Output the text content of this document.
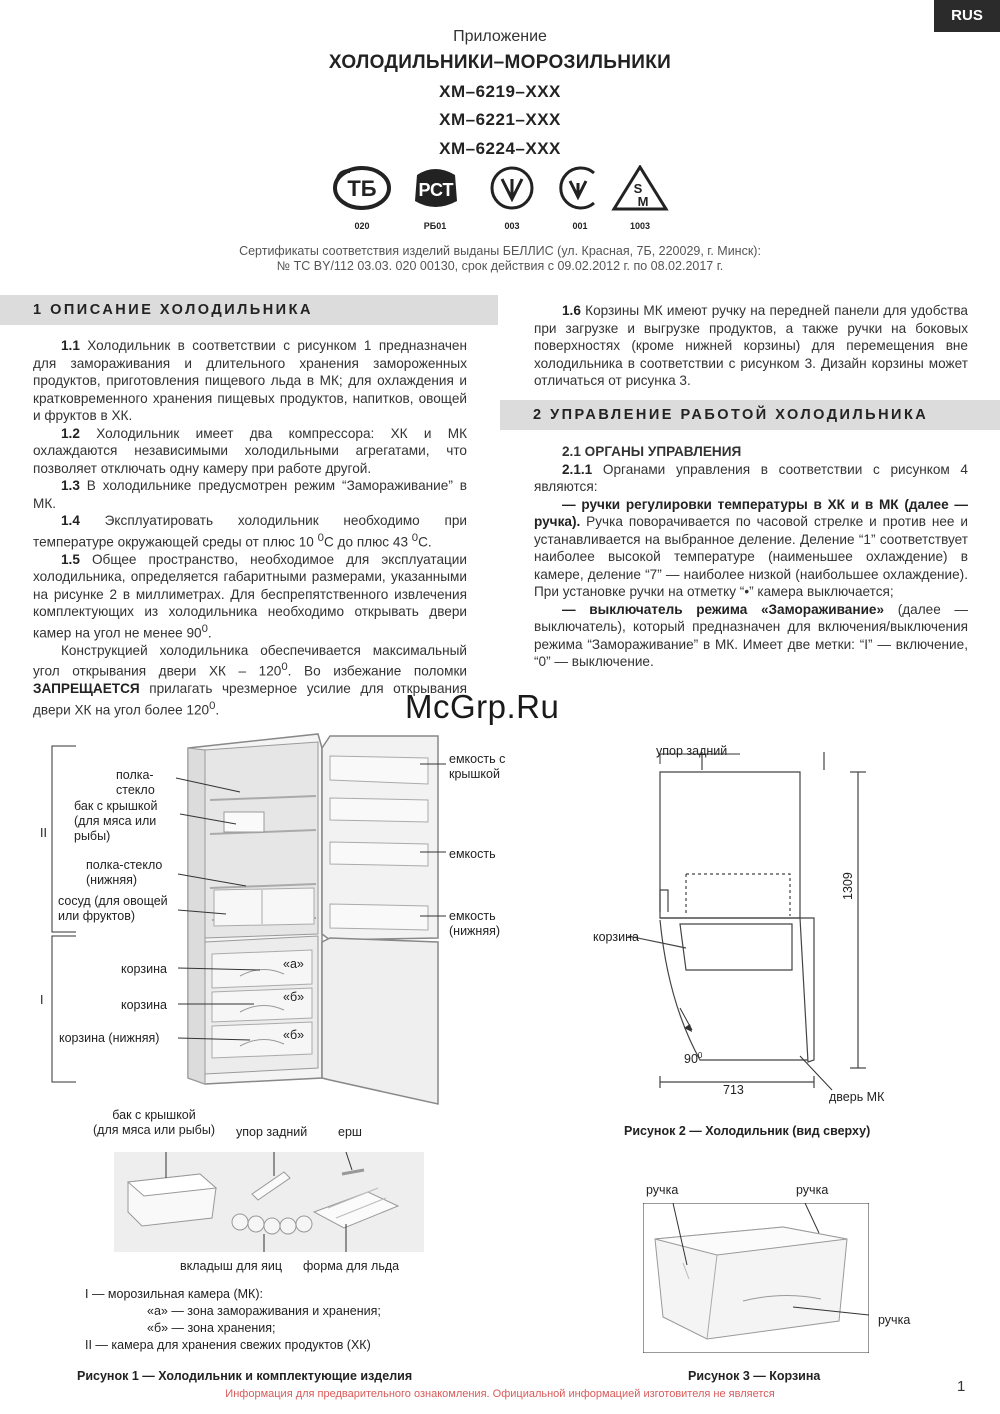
RUS
Приложение
ХОЛОДИЛЬНИКИ–МОРОЗИЛЬНИКИ
ХМ–6219–ХХХ
ХМ–6221–ХХХ
ХМ–6224–ХХХ
ТБ
020
РСТ
РБ01	003	001
S
M
1003
Сертификаты соответствия изделий выданы БЕЛЛИС (ул. Красная, 7Б, 220029, г. Минск):
№ ТС BY/112 03.03. 020 00130, срок действия с 09.02.2012 г. по 08.02.2017 г.
1 ОПИСАНИЕ ХОЛОДИЛЬНИКА

1.1 Холодильник в соответствии с рисунком 1 предназначен для замораживания и длительного хранения замороженных продуктов, приготовления пищевого льда в МК; для охлаждения и кратковременного хранения пищевых продуктов, напитков, овощей и фруктов в ХК.

1.2 Холодильник имеет два компрессора: ХК и МК охлаждаются независимыми холодильными агрегатами, что позволяет отключать одну камеру при работе другой.

1.3 В холодильнике предусмотрен режим “Замораживание” в МК.

1.4 Эксплуатировать холодильник необходимо при температуре окружающей среды от плюс 10 $^0$С до плюс 43 $^0$С.

1.5 Общее пространство, необходимое для эксплуатации холодильника, определяется габаритными размерами, указанными на рисунке 2 в миллиметрах. Для беспрепятственного извлечения комплектующих из холодильника необходимо открывать двери камер на угол не менее $90^0$.

Конструкцией холодильника обеспечивается максимальный угол открывания двери ХК – $120^0$. Во избежание поломки ЗАПРЕЩАЕТСЯ прилагать чрезмерное усилие для открывания двери ХК на угол более $120^0$.

1.6 Корзины МК имеют ручку на передней панели для удобства при загрузке и выгрузке продуктов, а также ручки на боковых поверхностях (кроме нижней корзины) для перемещения вне холодильника в соответствии с рисунком 3. Дизайн корзины может отличаться от рисунка 3.

2 УПРАВЛЕНИЕ РАБОТОЙ ХОЛОДИЛЬНИКА

2.1 ОРГАНЫ УПРАВЛЕНИЯ

2.1.1 Органами управления в соответствии с рисунком 4 являются:

— ручки регулировки температуры в ХК и в МК (далее — ручка). Ручка поворачивается по часовой стрелке и против нее и устанавливается на выбранное деление. Деление “1” соответствует наиболее высокой температуре (наименьшее охлаждение) в камере, деление “7” — наиболее низкой (наибольшее охлаждение). При установке ручки на отметку “•” камера выключается;

— выключатель режима «Замораживание» (далее — выключатель), который предназначен для включения/выключения режима “Замораживание” в МК. Имеет две метки: “I” — включение, “0” — выключение.

McGrp.Ru
II
I
полка-стекло
бак с крышкой
(для мяса или
рыбы)
полка-стекло
(нижняя)
сосуд (для овощей
или фруктов)
корзина
корзина
корзина (нижняя)
«а»
«б»
«б»
емкость с
крышкой
емкость
емкость
(нижняя)
бак с крышкой
(для мяса или рыбы)	упор задний ерш
вкладыш для яиц форма для льда
I — морозильная камера (МК):
«а» — зона замораживания и хранения;
«б» — зона хранения;
II — камера для хранения свежих продуктов (ХК)
Рисунок 1 — Холодильник и комплектующие изделия
упор задний
корзина
дверь МК
1309
713
$90^0$
Рисунок 2 — Холодильник (вид сверху)
ручка	ручка
ручка
Рисунок 3 — Корзина
Информация для предварительного ознакомления. Официальной информацией изготовителя не является	1
